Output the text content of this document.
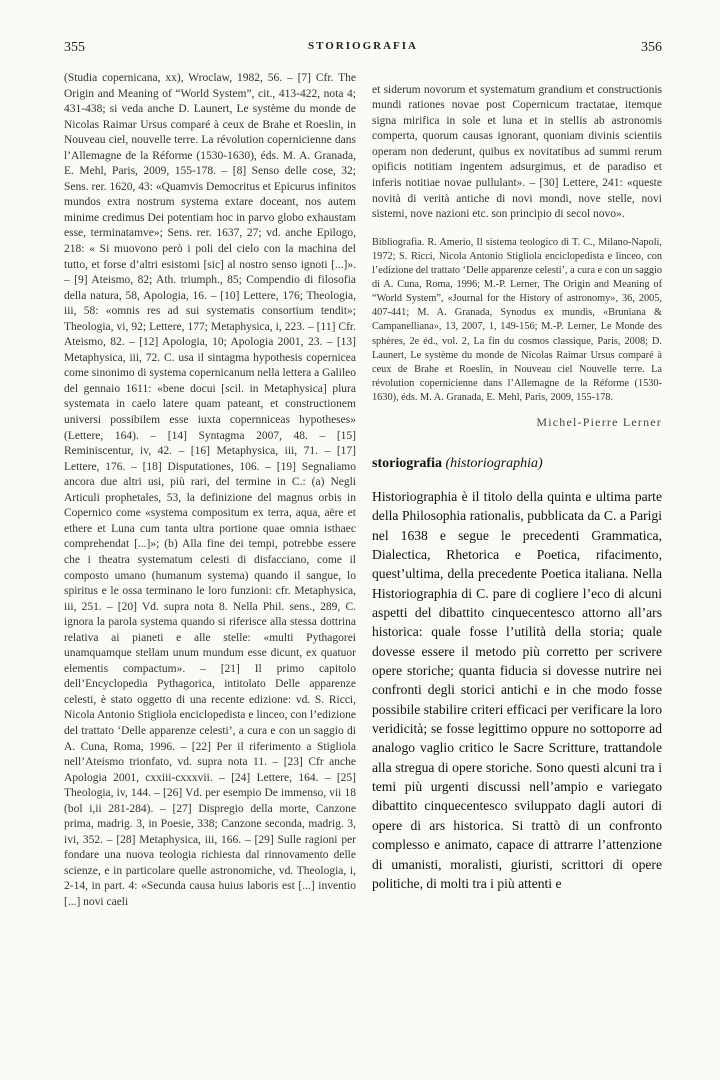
355	STORIOGRAFIA	356

(Studia copernicana, xx), Wroclaw, 1982, 56. – [7] Cfr. The Origin and Meaning of “World System”, cit., 413-422, nota 4; 431-438; si veda anche D. Launert, Le système du monde de Nicolas Raimar Ursus comparé à ceux de Brahe et Roeslin, in Nouveau ciel, nouvelle terre. La révolution copernicienne dans l’Allemagne de la Réforme (1530-1630), éds. M. A. Granada, E. Mehl, Paris, 2009, 155-178. – [8] Senso delle cose, 32; Sens. rer. 1620, 43: «Quamvis Democritus et Epicurus infinitos mundos extra nostrum systema extare doceant, nos autem minime credimus Dei potentiam hoc in parvo globo exhaustam esse, terminatamve»; Sens. rer. 1637, 27; vd. anche Epilogo, 218: « Si muovono però i poli del cielo con la machina del tutto, et forse d’altri esistomi [sic] al nostro senso ignoti [...]». – [9] Ateismo, 82; Ath. triumph., 85; Compendio di filosofia della natura, 58, Apologia, 16. – [10] Lettere, 176; Theologia, iii, 58: «omnis res ad sui systematis consortium tendit»; Theologia, vi, 92; Lettere, 177; Metaphysica, i, 223. – [11] Cfr. Ateismo, 82. – [12] Apologia, 10; Apologia 2001, 23. – [13] Metaphysica, iii, 72. C. usa il sintagma hypothesis copernicea come sinonimo di systema copernicanum nella lettera a Galileo del gennaio 1611: «bene docui [scil. in Metaphysica] plura systemata in caelo latere quam pateant, et constructionem universi possibilem esse iuxta copernniceas hypotheses» (Lettere, 164). – [14] Syntagma 2007, 48. – [15] Reminiscentur, iv, 42. – [16] Metaphysica, iii, 71. – [17] Lettere, 176. – [18] Disputationes, 106. – [19] Segnaliamo ancora due altri usi, più rari, del termine in C.: (a) Negli Articuli prophetales, 53, la definizione del magnus orbis in Copernico come «systema compositum ex terra, aqua, aëre et ethere et Luna cum tanta ultra portione quae omnia isthaec comprehendat [...]»; (b) Alla fine dei tempi, potrebbe essere che i theatra systematum celesti di disfacciano, come il composto umano (humanum systema) quando il sangue, lo spiritus e le ossa terminano le loro funzioni: cfr. Metaphysica, iii, 251. – [20] Vd. supra nota 8. Nella Phil. sens., 289, C. ignora la parola systema quando si riferisce alla stessa dottrina relativa ai pianeti e alle stelle: «multi Pythagorei unamquamque stellam unum mundum esse dicunt, ex quatuor elementis compactum». – [21] Il primo capitolo dell’Encyclopedia Pythagorica, intitolato Delle apparenze celesti, è stato oggetto di una recente edizione: vd. S. Ricci, Nicola Antonio Stigliola enciclopedista e linceo, con l’edizione del trattato ‘Delle apparenze celesti’, a cura e con un saggio di A. Cuna, Roma, 1996. – [22] Per il riferimento a Stigliola nell’Ateismo trionfato, vd. supra nota 11. – [23] Cfr anche Apologia 2001, cxxiii-cxxxvii. – [24] Lettere, 164. – [25] Theologia, iv, 144. – [26] Vd. per esempio De immenso, vii 18 (bol i,ii 281-284). – [27] Dispregio della morte, Canzone prima, madrig. 3, in Poesie, 338; Canzone seconda, madrig. 3, ivi, 352. – [28] Metaphysica, iii, 166. – [29] Sulle ragioni per fondare una nuova teologia richiesta dal rinnovamento delle scienze, e in particolare quelle astronomiche, vd. Theologia, i, 2-14, in part. 4: «Secunda causa huius laboris est [...] inventio [...] novi caeli

et siderum novorum et systematum grandium et constructionis mundi rationes novae post Copernicum tractatae, itemque signa mirifica in sole et luna et in stellis ab astronomis comperta, quorum causas ignorant, quoniam divinis scientiis operam non dederunt, quibus ex novitatibus ad summi rerum opificis notitiam ingentem adsurgimus, et de paradiso et inferis notitiae novae pullulant». – [30] Lettere, 241: «queste novità di verità antiche di novi mondi, nove stelle, novi sistemi, nove nazioni etc. son principio di secol novo».

Bibliografia. R. Amerio, Il sistema teologico di T. C., Milano-Napoli, 1972; S. Ricci, Nicola Antonio Stigliola enciclopedista e linceo, con l’edizione del trattato ‘Delle apparenze celesti’, a cura e con un saggio di A. Cuna, Roma, 1996; M.-P. Lerner, The Origin and Meaning of “World System”, «Journal for the History of astronomy», 36, 2005, 407-441; M. A. Granada, Synodus ex mundis, «Bruniana & Campanelliana», 13, 2007, 1, 149-156; M.-P. Lerner, Le Monde des sphères, 2e éd., vol. 2, La fin du cosmos classique, Paris, 2008; D. Launert, Le système du monde de Nicolas Raimar Ursus comparé à ceux de Brahe et Roeslin, in Nouveau ciel Nouvelle terre. La révolution copernicienne dans l’Allemagne de la Réforme (1530-1630), éds. M. A. Granada, E. Mehl, Paris, 2009, 155-178.

Michel-Pierre Lerner

storiografia (historiographia)

Historiographia è il titolo della quinta e ultima parte della Philosophia rationalis, pubblicata da C. a Parigi nel 1638 e segue le precedenti Grammatica, Dialectica, Rhetorica e Poetica, rifacimento, quest’ultima, della precedente Poetica italiana. Nella Historiographia di C. pare di cogliere l’eco di alcuni aspetti del dibattito cinquecentesco attorno all’ars historica: quale fosse l’utilità della storia; quale dovesse essere il metodo più corretto per scrivere opere storiche; quanta fiducia si dovesse nutrire nei confronti degli storici antichi e in che modo fosse possibile stabilire criteri efficaci per verificare la loro veridicità; se fosse legittimo oppure no sottoporre ad analogo vaglio critico le Sacre Scritture, trattandole alla stregua di opere storiche. Sono questi alcuni tra i temi più urgenti discussi nell’ampio e variegato dibattito cinquecentesco sviluppato dagli autori di opere di ars historica. Si trattò di un confronto complesso e animato, capace di attrarre l’attenzione di umanisti, moralisti, giuristi, scrittori di opere politiche, di molti tra i più attenti e
